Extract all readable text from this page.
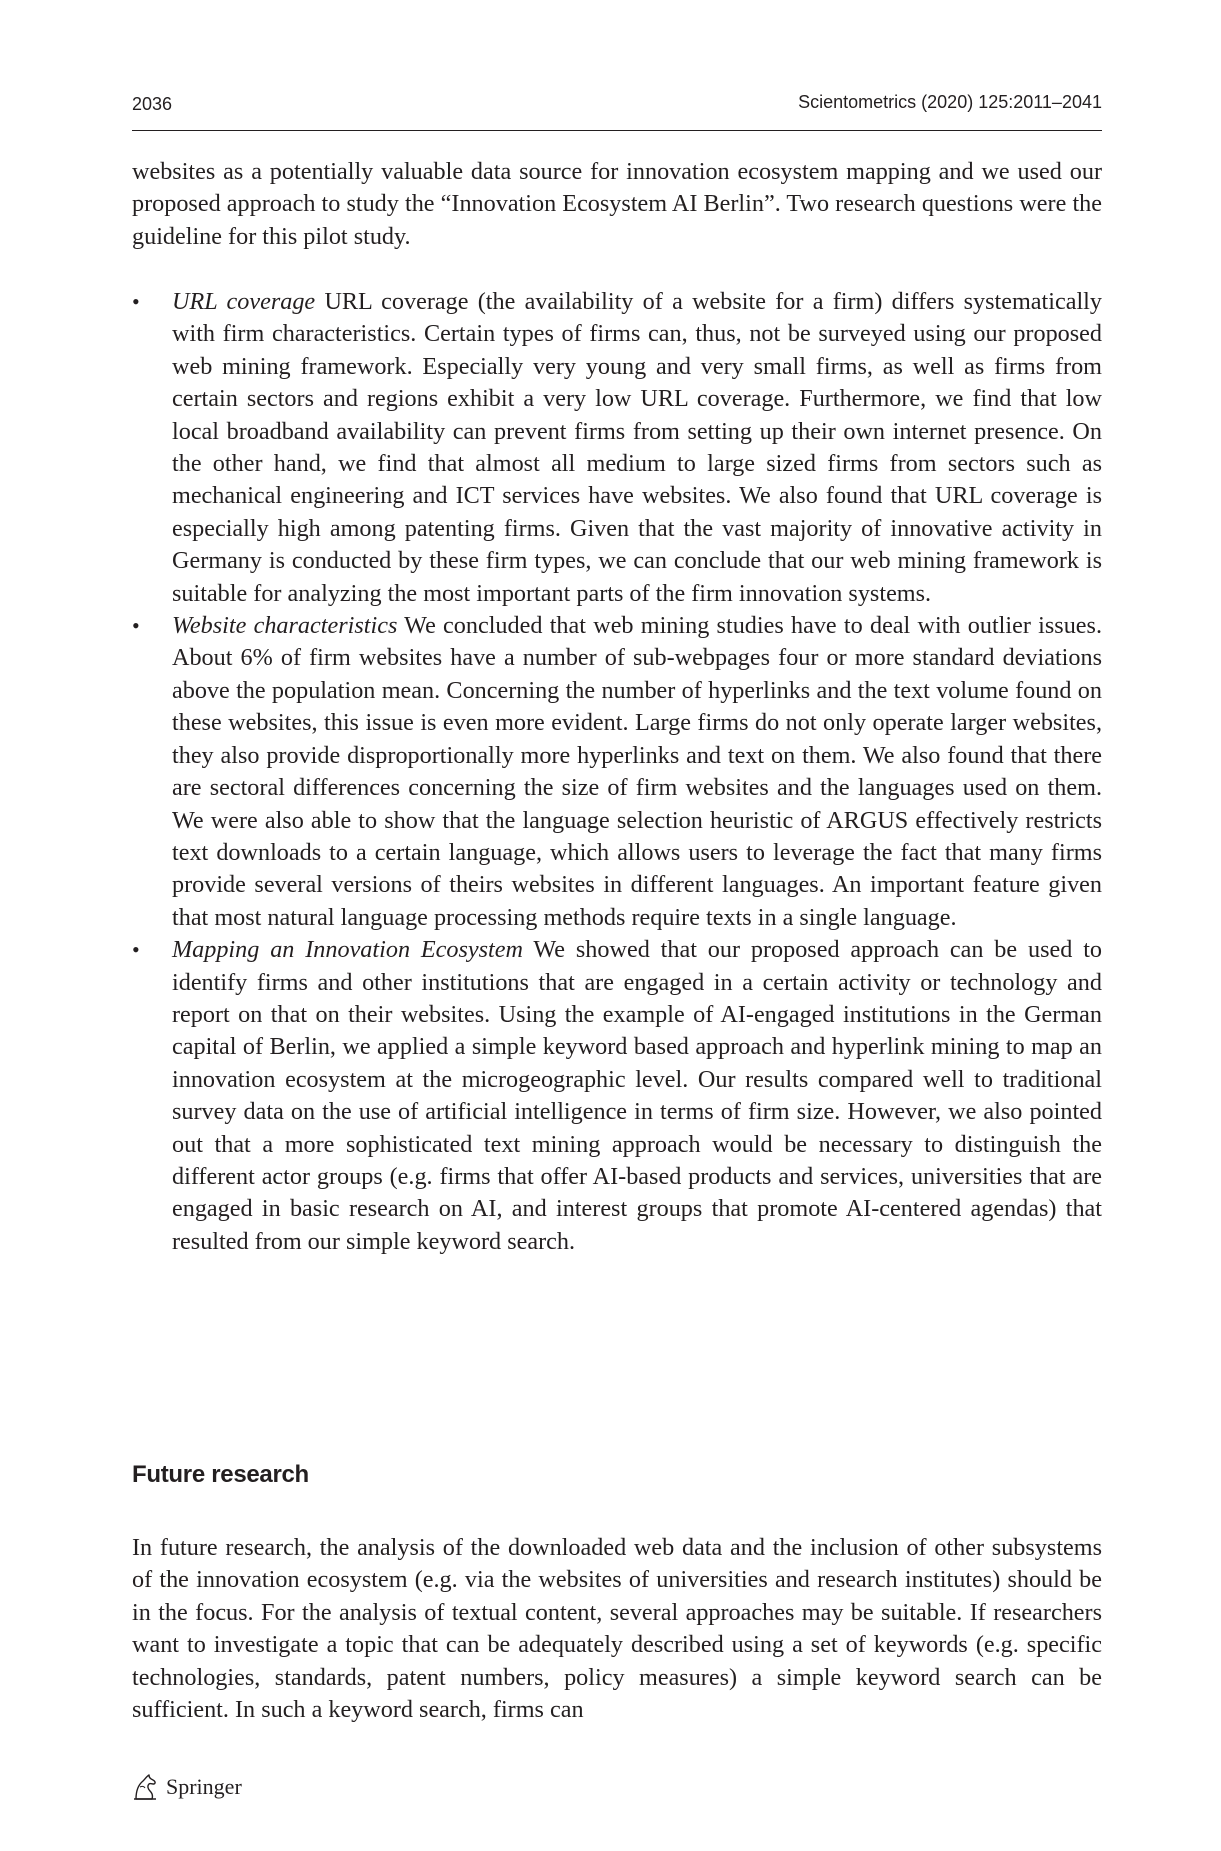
2036	Scientometrics (2020) 125:2011–2041

websites as a potentially valuable data source for innovation ecosystem mapping and we used our proposed approach to study the “Innovation Ecosystem AI Berlin”. Two research questions were the guideline for this pilot study.

•	URL coverage URL coverage (the availability of a website for a firm) differs systematically with firm characteristics. Certain types of firms can, thus, not be surveyed using our proposed web mining framework. Especially very young and very small firms, as well as firms from certain sectors and regions exhibit a very low URL coverage. Furthermore, we find that low local broadband availability can prevent firms from setting up their own internet presence. On the other hand, we find that almost all medium to large sized firms from sectors such as mechanical engineering and ICT services have websites. We also found that URL coverage is especially high among patenting firms. Given that the vast majority of innovative activity in Germany is conducted by these firm types, we can conclude that our web mining framework is suitable for analyzing the most important parts of the firm innovation systems.
•	Website characteristics We concluded that web mining studies have to deal with outlier issues. About 6% of firm websites have a number of sub-webpages four or more standard deviations above the population mean. Concerning the number of hyperlinks and the text volume found on these websites, this issue is even more evident. Large firms do not only operate larger websites, they also provide disproportionally more hyperlinks and text on them. We also found that there are sectoral differences concerning the size of firm websites and the languages used on them. We were also able to show that the language selection heuristic of ARGUS effectively restricts text downloads to a certain language, which allows users to leverage the fact that many firms provide several versions of theirs websites in different languages. An important feature given that most natural language processing methods require texts in a single language.
•	Mapping an Innovation Ecosystem We showed that our proposed approach can be used to identify firms and other institutions that are engaged in a certain activity or technology and report on that on their websites. Using the example of AI-engaged institutions in the German capital of Berlin, we applied a simple keyword based approach and hyperlink mining to map an innovation ecosystem at the microgeographic level. Our results compared well to traditional survey data on the use of artificial intelligence in terms of firm size. However, we also pointed out that a more sophisticated text mining approach would be necessary to distinguish the different actor groups (e.g. firms that offer AI-based products and services, universities that are engaged in basic research on AI, and interest groups that promote AI-centered agendas) that resulted from our simple keyword search.
Future research

In future research, the analysis of the downloaded web data and the inclusion of other subsystems of the innovation ecosystem (e.g. via the websites of universities and research institutes) should be in the focus. For the analysis of textual content, several approaches may be suitable. If researchers want to investigate a topic that can be adequately described using a set of keywords (e.g. specific technologies, standards, patent numbers, policy measures) a simple keyword search can be sufficient. In such a keyword search, firms can

Springer
